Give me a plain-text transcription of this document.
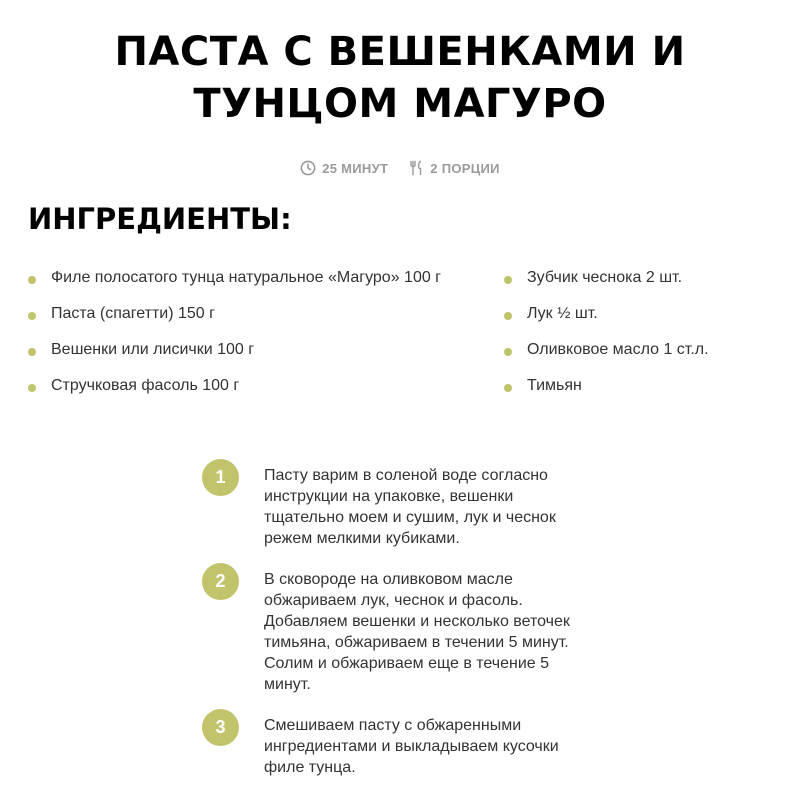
ПАСТА С ВЕШЕНКАМИ И ТУНЦОМ МАГУРО
25 МИНУТ	2 ПОРЦИИ
ИНГРЕДИЕНТЫ:
Филе полосатого тунца натуральное «Магуро» 100 г
Паста (спагетти) 150 г
Вешенки или лисички 100 г
Стручковая фасоль 100 г
Зубчик чеснока 2 шт.
Лук ½ шт.
Оливковое масло 1 ст.л.
Тимьян
1	Пасту варим в соленой воде согласно
инструкции на упаковке, вешенки
тщательно моем и сушим, лук и чеснок
режем мелкими кубиками.
2	В сковороде на оливковом масле
обжариваем лук, чеснок и фасоль.
Добавляем вешенки и несколько веточек
тимьяна, обжариваем в течении 5 минут.
Солим и обжариваем еще в течение 5
минут.
3	Смешиваем пасту с обжаренными
ингредиентами и выкладываем кусочки
филе тунца.
